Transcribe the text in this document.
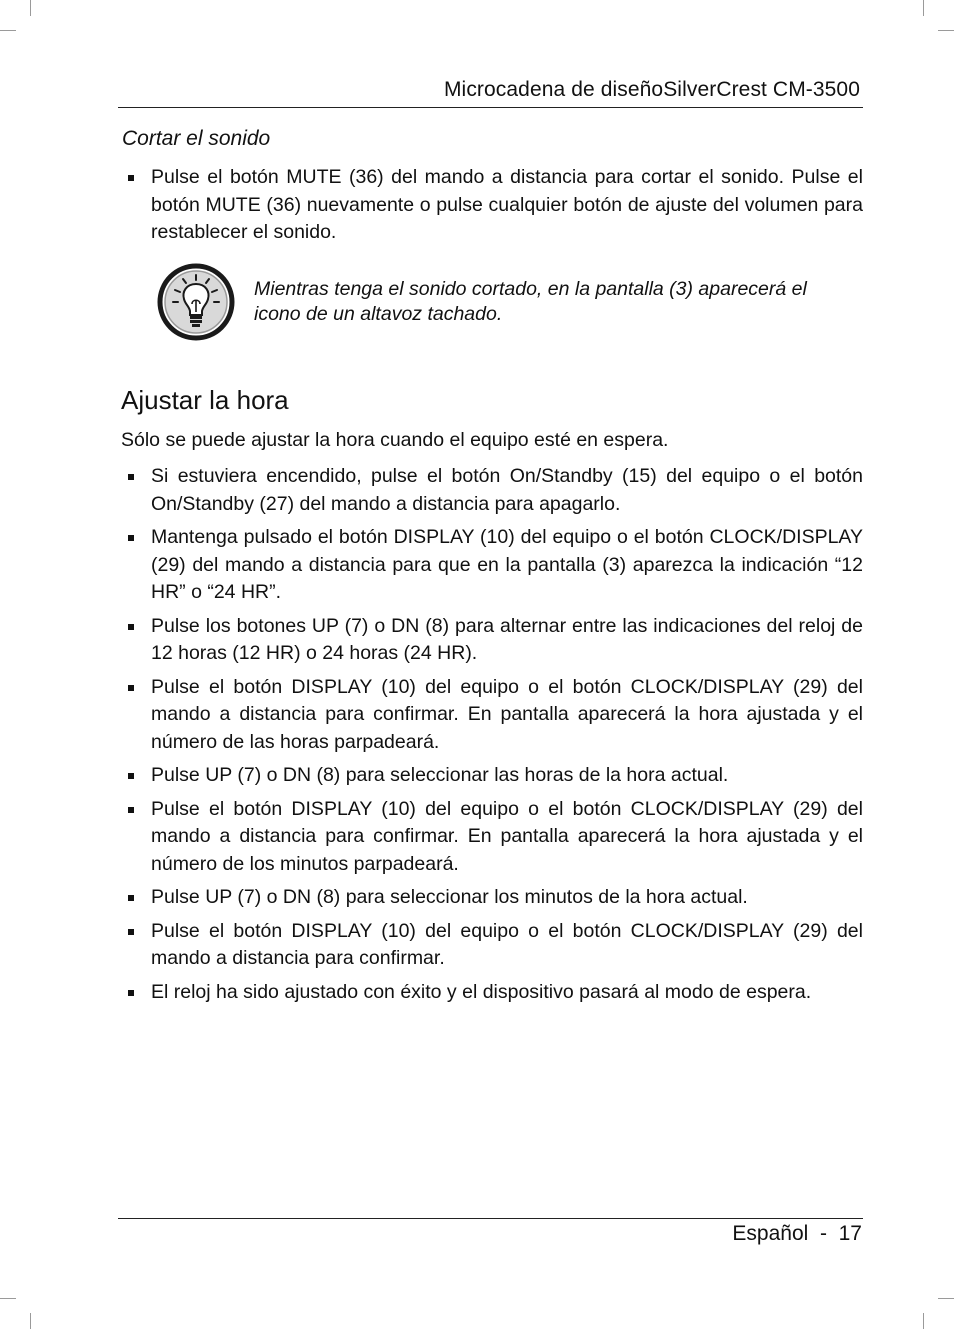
Microcadena de diseñoSilverCrest CM-3500
Cortar el sonido
Pulse el botón MUTE (36) del mando a distancia para cortar el sonido. Pulse el botón MUTE (36) nuevamente o pulse cualquier botón de ajuste del volumen para restablecer el sonido.
Mientras tenga el sonido cortado, en la pantalla (3) aparecerá el icono de un altavoz tachado.
Ajustar la hora
Sólo se puede ajustar la hora cuando el equipo esté en espera.
Si estuviera encendido, pulse el botón On/Standby (15) del equipo o el botón On/Standby (27) del mando a distancia para apagarlo.
Mantenga pulsado el botón DISPLAY (10) del equipo o el botón CLOCK/DISPLAY (29) del mando a distancia para que en la pantalla (3) aparezca la indicación “12 HR” o “24 HR”.
Pulse los botones UP (7) o DN (8) para alternar entre las indicaciones del reloj de 12 horas (12 HR) o 24 horas (24 HR).
Pulse el botón DISPLAY (10) del equipo o el botón CLOCK/DISPLAY (29) del mando a distancia para confirmar. En pantalla aparecerá la hora ajustada y el número de las horas parpadeará.
Pulse UP (7) o DN (8) para seleccionar las horas de la hora actual.
Pulse el botón DISPLAY (10) del equipo o el botón CLOCK/DISPLAY (29) del mando a distancia para confirmar. En pantalla aparecerá la hora ajustada y el número de los minutos parpadeará.
Pulse UP (7) o DN (8) para seleccionar los minutos de la hora actual.
Pulse el botón DISPLAY (10) del equipo o el botón CLOCK/DISPLAY (29) del mando a distancia para confirmar.
El reloj ha sido ajustado con éxito y el dispositivo pasará al modo de espera.
Español  -  17
